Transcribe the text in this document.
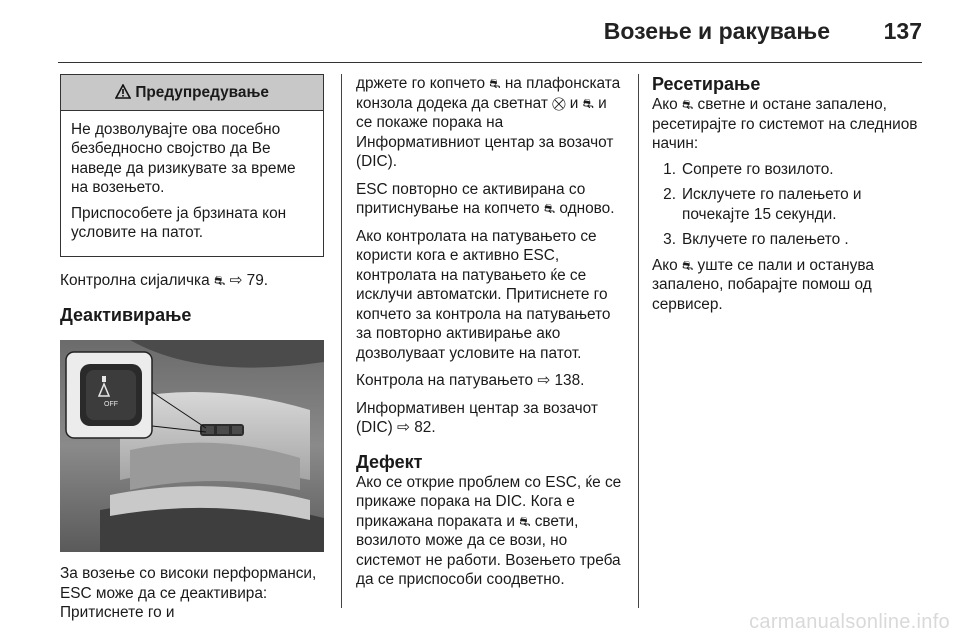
Возење и ракување 137
Предупредување

Не дозволувајте ова посебно безбедносно својство да Ве наведе да ризикувате за време на возењето.

Приспособете ја брзината кон условите на патот.

Контролна сијаличка ⛐ ⇨ 79.

Деактивирање
OFF

За возење со високи перформанси, ESC може да се деактивира: Притиснете го и

држете го копчето ⛐ на плафонската конзола додека да светнат ⛒ и ⛐ и се покаже порака на Информативниот центар за возачот (DIC).

ESC повторно се активирана со притиснување на копчето ⛐ одново.

Ако контролата на патувањето се користи кога е активно ESC, контролата на патувањето ќе се исклучи автоматски. Притиснете го копчето за контрола на патувањето за повторно активирање ако дозволуваат условите на патот.

Контрола на патувањето ⇨ 138.

Информативен центар за возачот (DIC) ⇨ 82.

Дефект

Ако се открие проблем со ESC, ќе се прикаже порака на DIC. Кога е прикажана пораката и ⛐ свети, возилото може да се вози, но системот не работи. Возењето треба да се приспособи соодветно.

Ресетирање

Ако ⛐ светне и остане запалено, ресетирајте го системот на следниов начин:

1. Сопрете го возилото.
2. Исклучете го палењето и почекајте 15 секунди.
3. Вклучете го палењето .

Ако ⛐ уште се пали и останува запалено, побарајте помош од сервисер.

carmanualsonline.info
